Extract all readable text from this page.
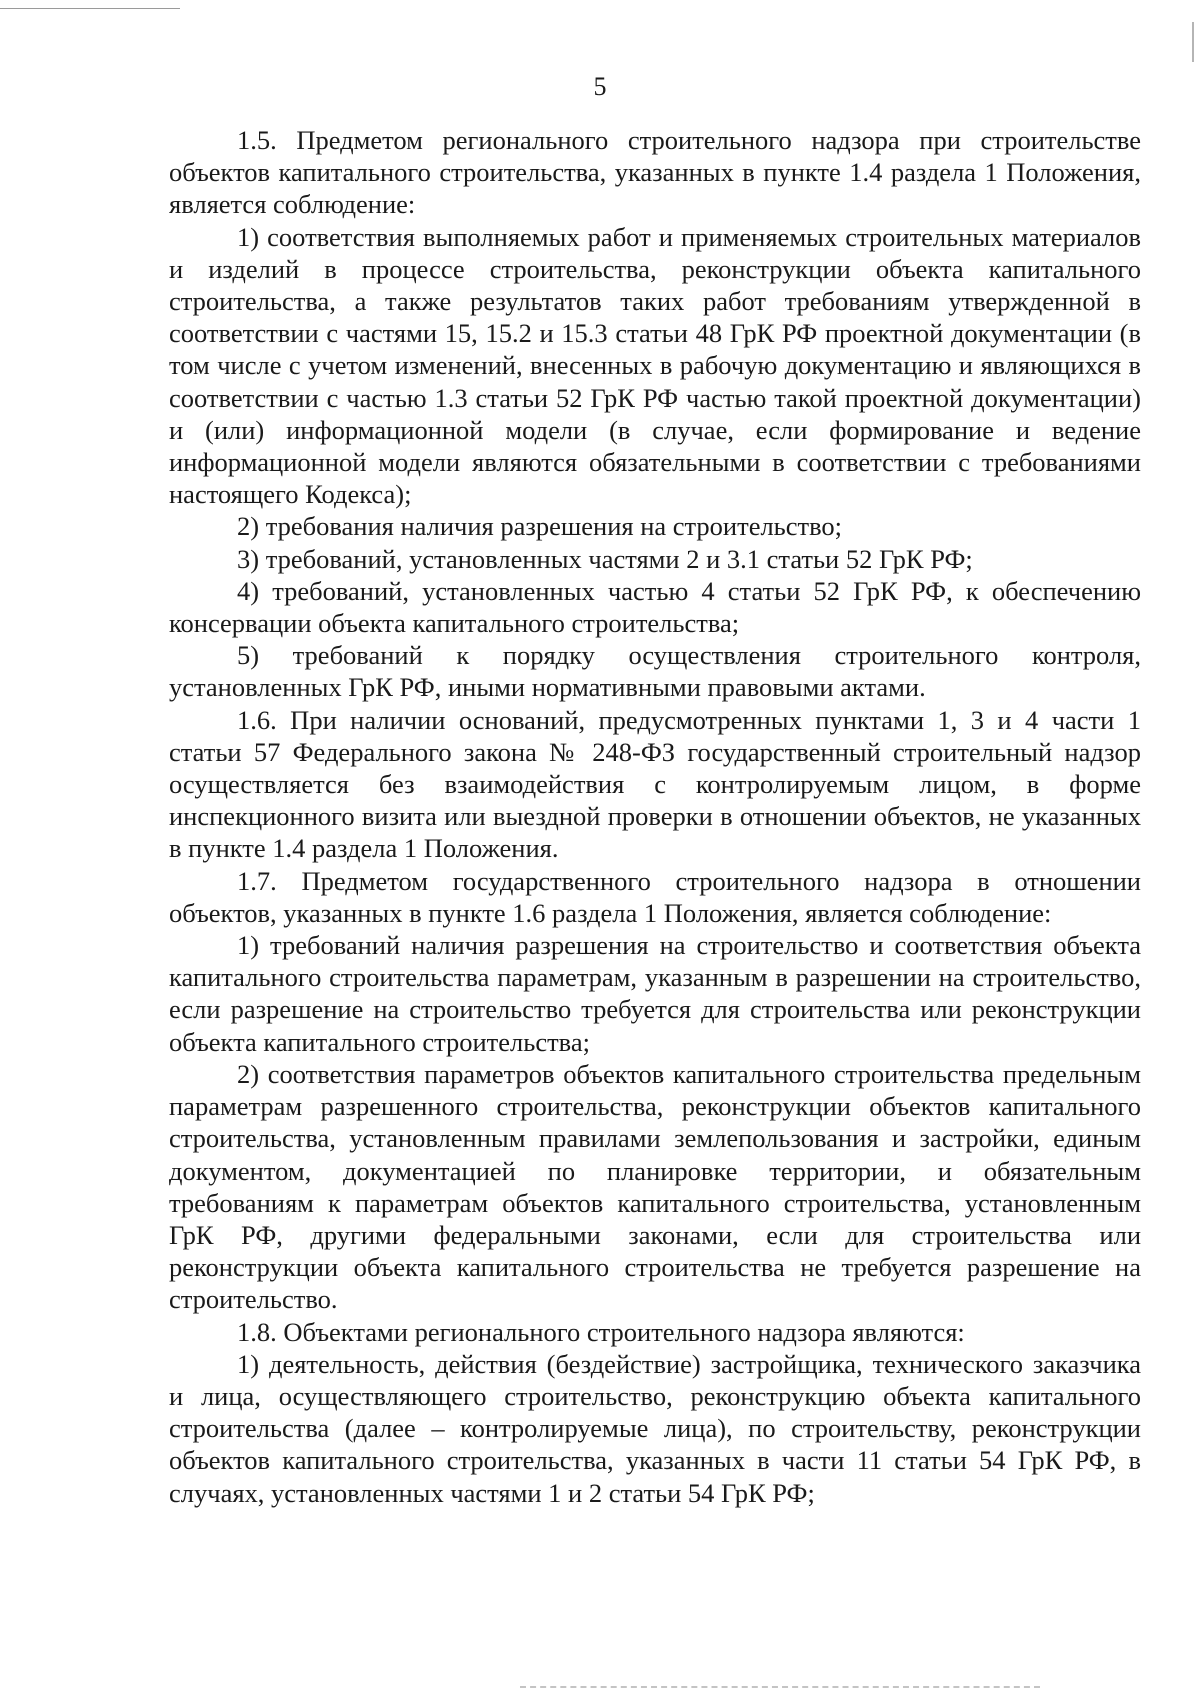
5

1.5. Предметом регионального строительного надзора при строительстве объектов капитального строительства, указанных в пункте 1.4 раздела 1 Положения, является соблюдение:

1) соответствия выполняемых работ и применяемых строительных материалов и изделий в процессе строительства, реконструкции объекта капитального строительства, а также результатов таких работ требованиям утвержденной в соответствии с частями 15, 15.2 и 15.3 статьи 48 ГрК РФ проектной документации (в том числе с учетом изменений, внесенных в рабочую документацию и являющихся в соответствии с частью 1.3 статьи 52 ГрК РФ частью такой проектной документации) и (или) информационной модели (в случае, если формирование и ведение информационной модели являются обязательными в соответствии с требованиями настоящего Кодекса);

2) требования наличия разрешения на строительство;

3) требований, установленных частями 2 и 3.1 статьи 52 ГрК РФ;

4) требований, установленных частью 4 статьи 52 ГрК РФ, к обеспечению консервации объекта капитального строительства;

5) требований к порядку осуществления строительного контроля, установленных ГрК РФ, иными нормативными правовыми актами.

1.6. При наличии оснований, предусмотренных пунктами 1, 3 и 4 части 1 статьи 57 Федерального закона № 248-ФЗ государственный строительный надзор осуществляется без взаимодействия с контролируемым лицом, в форме инспекционного визита или выездной проверки в отношении объектов, не указанных в пункте 1.4 раздела 1 Положения.

1.7. Предметом государственного строительного надзора в отношении объектов, указанных в пункте 1.6 раздела 1 Положения, является соблюдение:

1) требований наличия разрешения на строительство и соответствия объекта капитального строительства параметрам, указанным в разрешении на строительство, если разрешение на строительство требуется для строительства или реконструкции объекта капитального строительства;

2) соответствия параметров объектов капитального строительства предельным параметрам разрешенного строительства, реконструкции объектов капитального строительства, установленным правилами землепользования и застройки, единым документом, документацией по планировке территории, и обязательным требованиям к параметрам объектов капитального строительства, установленным ГрК РФ, другими федеральными законами, если для строительства или реконструкции объекта капитального строительства не требуется разрешение на строительство.

1.8. Объектами регионального строительного надзора являются:

1) деятельность, действия (бездействие) застройщика, технического заказчика и лица, осуществляющего строительство, реконструкцию объекта капитального строительства (далее – контролируемые лица), по строительству, реконструкции объектов капитального строительства, указанных в части 11 статьи 54 ГрК РФ, в случаях, установленных частями 1 и 2 статьи 54 ГрК РФ;
